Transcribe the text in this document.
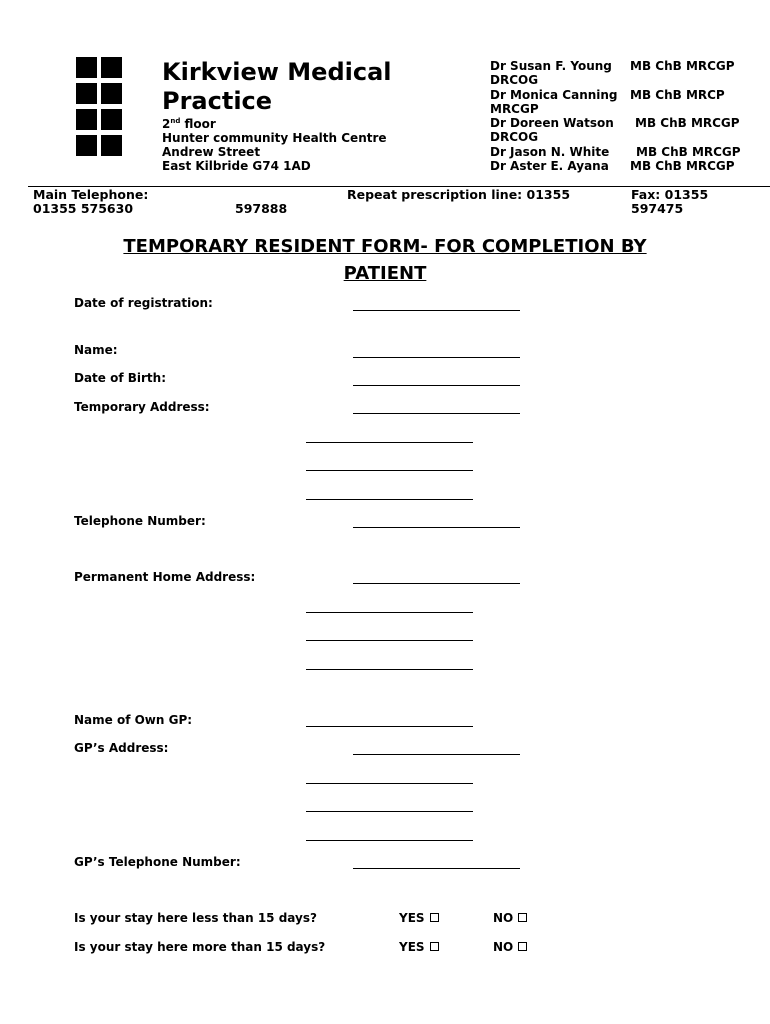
Kirkview Medical Practice
2nd floor
Hunter community Health Centre
Andrew Street
East Kilbride G74 1AD
Dr Susan F. Young	MB ChB MRCGP
DRCOG
Dr Monica Canning	MB ChB MRCP
MRCGP
Dr Doreen Watson	MB ChB MRCGP
DRCOG
Dr Jason N. White	MB ChB MRCGP
Dr Aster E. Ayana	MB ChB MRCGP
Main Telephone:
01355 575630
Repeat prescription line: 01355
597888
Fax: 01355
597475
TEMPORARY RESIDENT FORM- FOR COMPLETION BY
PATIENT
Date of registration:
Name:
Date of Birth:
Temporary Address:
Telephone Number:
Permanent Home Address:
Name of Own GP:
GP’s Address:
GP’s Telephone Number:
Is your stay here less than 15 days?	YES	NO
Is your stay here more than 15 days?	YES	NO
